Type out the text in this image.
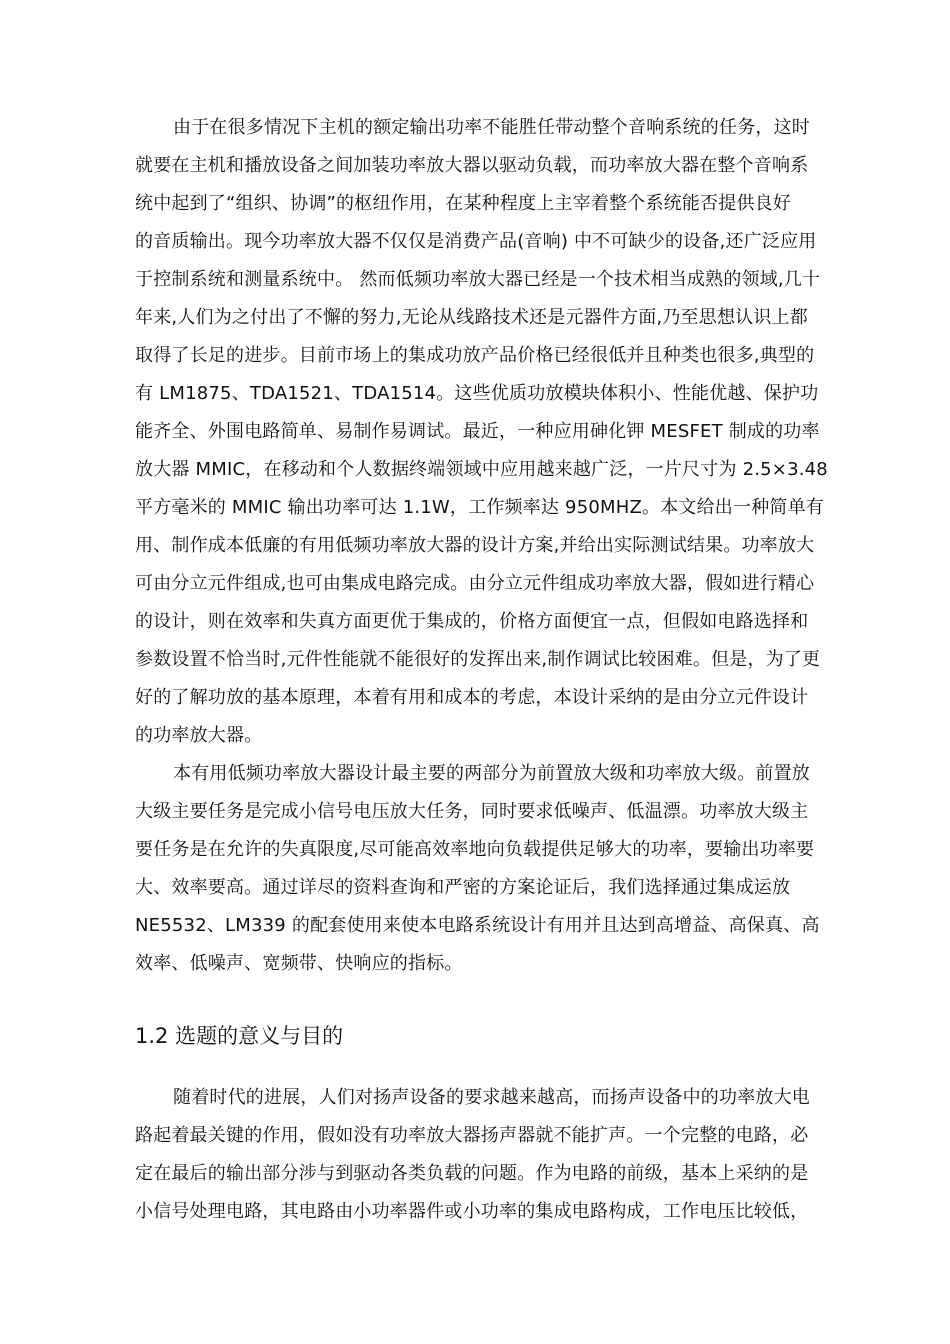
由于在很多情况下主机的额定输出功率不能胜任带动整个音响系统的任务，这时
就要在主机和播放设备之间加装功率放大器以驱动负载，而功率放大器在整个音响系
统中起到了“组织、协调”的枢纽作用，在某种程度上主宰着整个系统能否提供良好
的音质输出。现今功率放大器不仅仅是消费产品(音响) 中不可缺少的设备,还广泛应用
于控制系统和测量系统中。 然而低频功率放大器已经是一个技术相当成熟的领域,几十
年来,人们为之付出了不懈的努力,无论从线路技术还是元器件方面,乃至思想认识上都
取得了长足的进步。目前市场上的集成功放产品价格已经很低并且种类也很多,典型的
有 LM1875、TDA1521、TDA1514。这些优质功放模块体积小、性能优越、保护功
能齐全、外围电路简单、易制作易调试。最近，一种应用砷化钾 MESFET 制成的功率
放大器 MMIC，在移动和个人数据终端领域中应用越来越广泛，一片尺寸为 2.5×3.48
平方毫米的 MMIC 输出功率可达 1.1W，工作频率达 950MHZ。本文给出一种简单有
用、制作成本低廉的有用低频功率放大器的设计方案,并给出实际测试结果。功率放大
可由分立元件组成,也可由集成电路完成。由分立元件组成功率放大器，假如进行精心
的设计，则在效率和失真方面更优于集成的，价格方面便宜一点，但假如电路选择和
参数设置不恰当时,元件性能就不能很好的发挥出来,制作调试比较困难。但是，为了更
好的了解功放的基本原理，本着有用和成本的考虑，本设计采纳的是由分立元件设计
的功率放大器。
本有用低频功率放大器设计最主要的两部分为前置放大级和功率放大级。前置放
大级主要任务是完成小信号电压放大任务，同时要求低噪声、低温漂。功率放大级主
要任务是在允许的失真限度,尽可能高效率地向负载提供足够大的功率，要输出功率要
大、效率要高。通过详尽的资料查询和严密的方案论证后，我们选择通过集成运放
NE5532、LM339 的配套使用来使本电路系统设计有用并且达到高增益、高保真、高
效率、低噪声、宽频带、快响应的指标。
1.2 选题的意义与目的
随着时代的进展，人们对扬声设备的要求越来越高，而扬声设备中的功率放大电
路起着最关键的作用，假如没有功率放大器扬声器就不能扩声。一个完整的电路，必
定在最后的输出部分涉与到驱动各类负载的问题。作为电路的前级，基本上采纳的是
小信号处理电路，其电路由小功率器件或小功率的集成电路构成，工作电压比较低，
